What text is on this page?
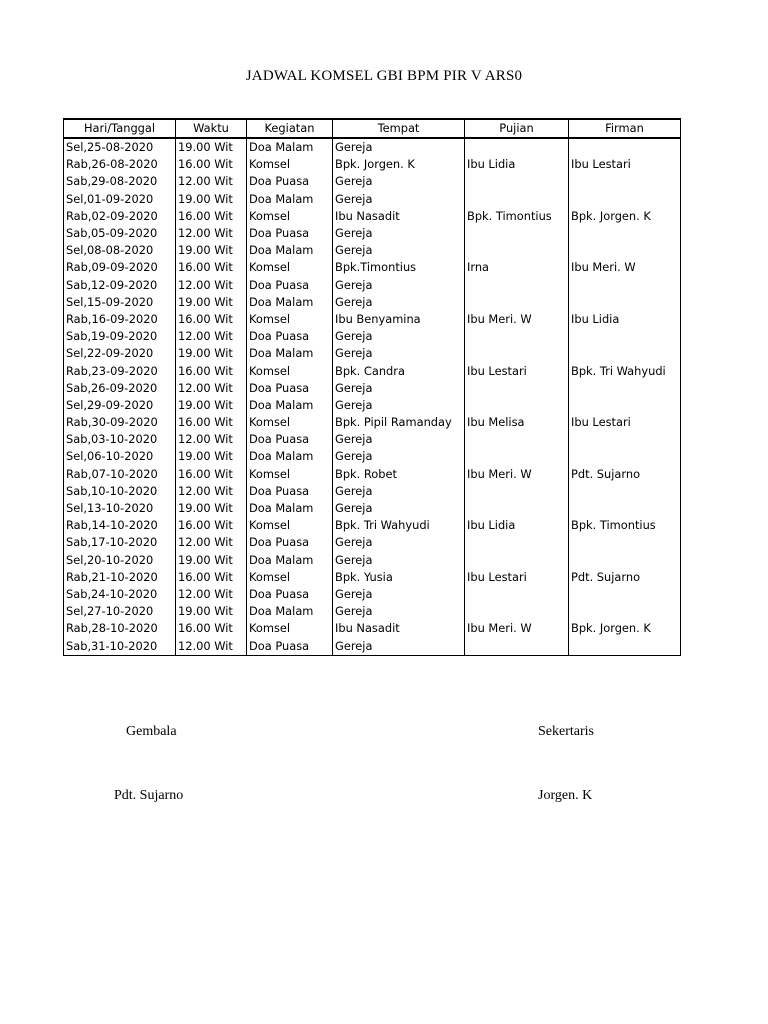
JADWAL KOMSEL GBI BPM PIR V ARS0
Hari/Tanggal	Waktu	Kegiatan	Tempat	Pujian	Firman
Sel,25-08-2020	19.00 Wit	Doa Malam	Gereja		
Rab,26-08-2020	16.00 Wit	Komsel	Bpk. Jorgen. K	Ibu Lidia	Ibu Lestari
Sab,29-08-2020	12.00 Wit	Doa Puasa	Gereja		
Sel,01-09-2020	19.00 Wit	Doa Malam	Gereja		
Rab,02-09-2020	16.00 Wit	Komsel	Ibu Nasadit	Bpk. Timontius	Bpk. Jorgen. K
Sab,05-09-2020	12.00 Wit	Doa Puasa	Gereja		
Sel,08-08-2020	19.00 Wit	Doa Malam	Gereja		
Rab,09-09-2020	16.00 Wit	Komsel	Bpk.Timontius	Irna	Ibu Meri. W
Sab,12-09-2020	12.00 Wit	Doa Puasa	Gereja		
Sel,15-09-2020	19.00 Wit	Doa Malam	Gereja		
Rab,16-09-2020	16.00 Wit	Komsel	Ibu Benyamina	Ibu Meri. W	Ibu Lidia
Sab,19-09-2020	12.00 Wit	Doa Puasa	Gereja		
Sel,22-09-2020	19.00 Wit	Doa Malam	Gereja		
Rab,23-09-2020	16.00 Wit	Komsel	Bpk. Candra	Ibu Lestari	Bpk. Tri Wahyudi
Sab,26-09-2020	12.00 Wit	Doa Puasa	Gereja		
Sel,29-09-2020	19.00 Wit	Doa Malam	Gereja		
Rab,30-09-2020	16.00 Wit	Komsel	Bpk. Pipil Ramanday	Ibu Melisa	Ibu Lestari
Sab,03-10-2020	12.00 Wit	Doa Puasa	Gereja		
Sel,06-10-2020	19.00 Wit	Doa Malam	Gereja		
Rab,07-10-2020	16.00 Wit	Komsel	Bpk. Robet	Ibu Meri. W	Pdt. Sujarno
Sab,10-10-2020	12.00 Wit	Doa Puasa	Gereja		
Sel,13-10-2020	19.00 Wit	Doa Malam	Gereja		
Rab,14-10-2020	16.00 Wit	Komsel	Bpk. Tri Wahyudi	Ibu Lidia	Bpk. Timontius
Sab,17-10-2020	12.00 Wit	Doa Puasa	Gereja		
Sel,20-10-2020	19.00 Wit	Doa Malam	Gereja		
Rab,21-10-2020	16.00 Wit	Komsel	Bpk. Yusia	Ibu Lestari	Pdt. Sujarno
Sab,24-10-2020	12.00 Wit	Doa Puasa	Gereja		
Sel,27-10-2020	19.00 Wit	Doa Malam	Gereja		
Rab,28-10-2020	16.00 Wit	Komsel	Ibu Nasadit	Ibu Meri. W	Bpk. Jorgen. K
Sab,31-10-2020	12.00 Wit	Doa Puasa	Gereja		
Gembala	Sekertaris
Pdt. Sujarno	Jorgen. K
